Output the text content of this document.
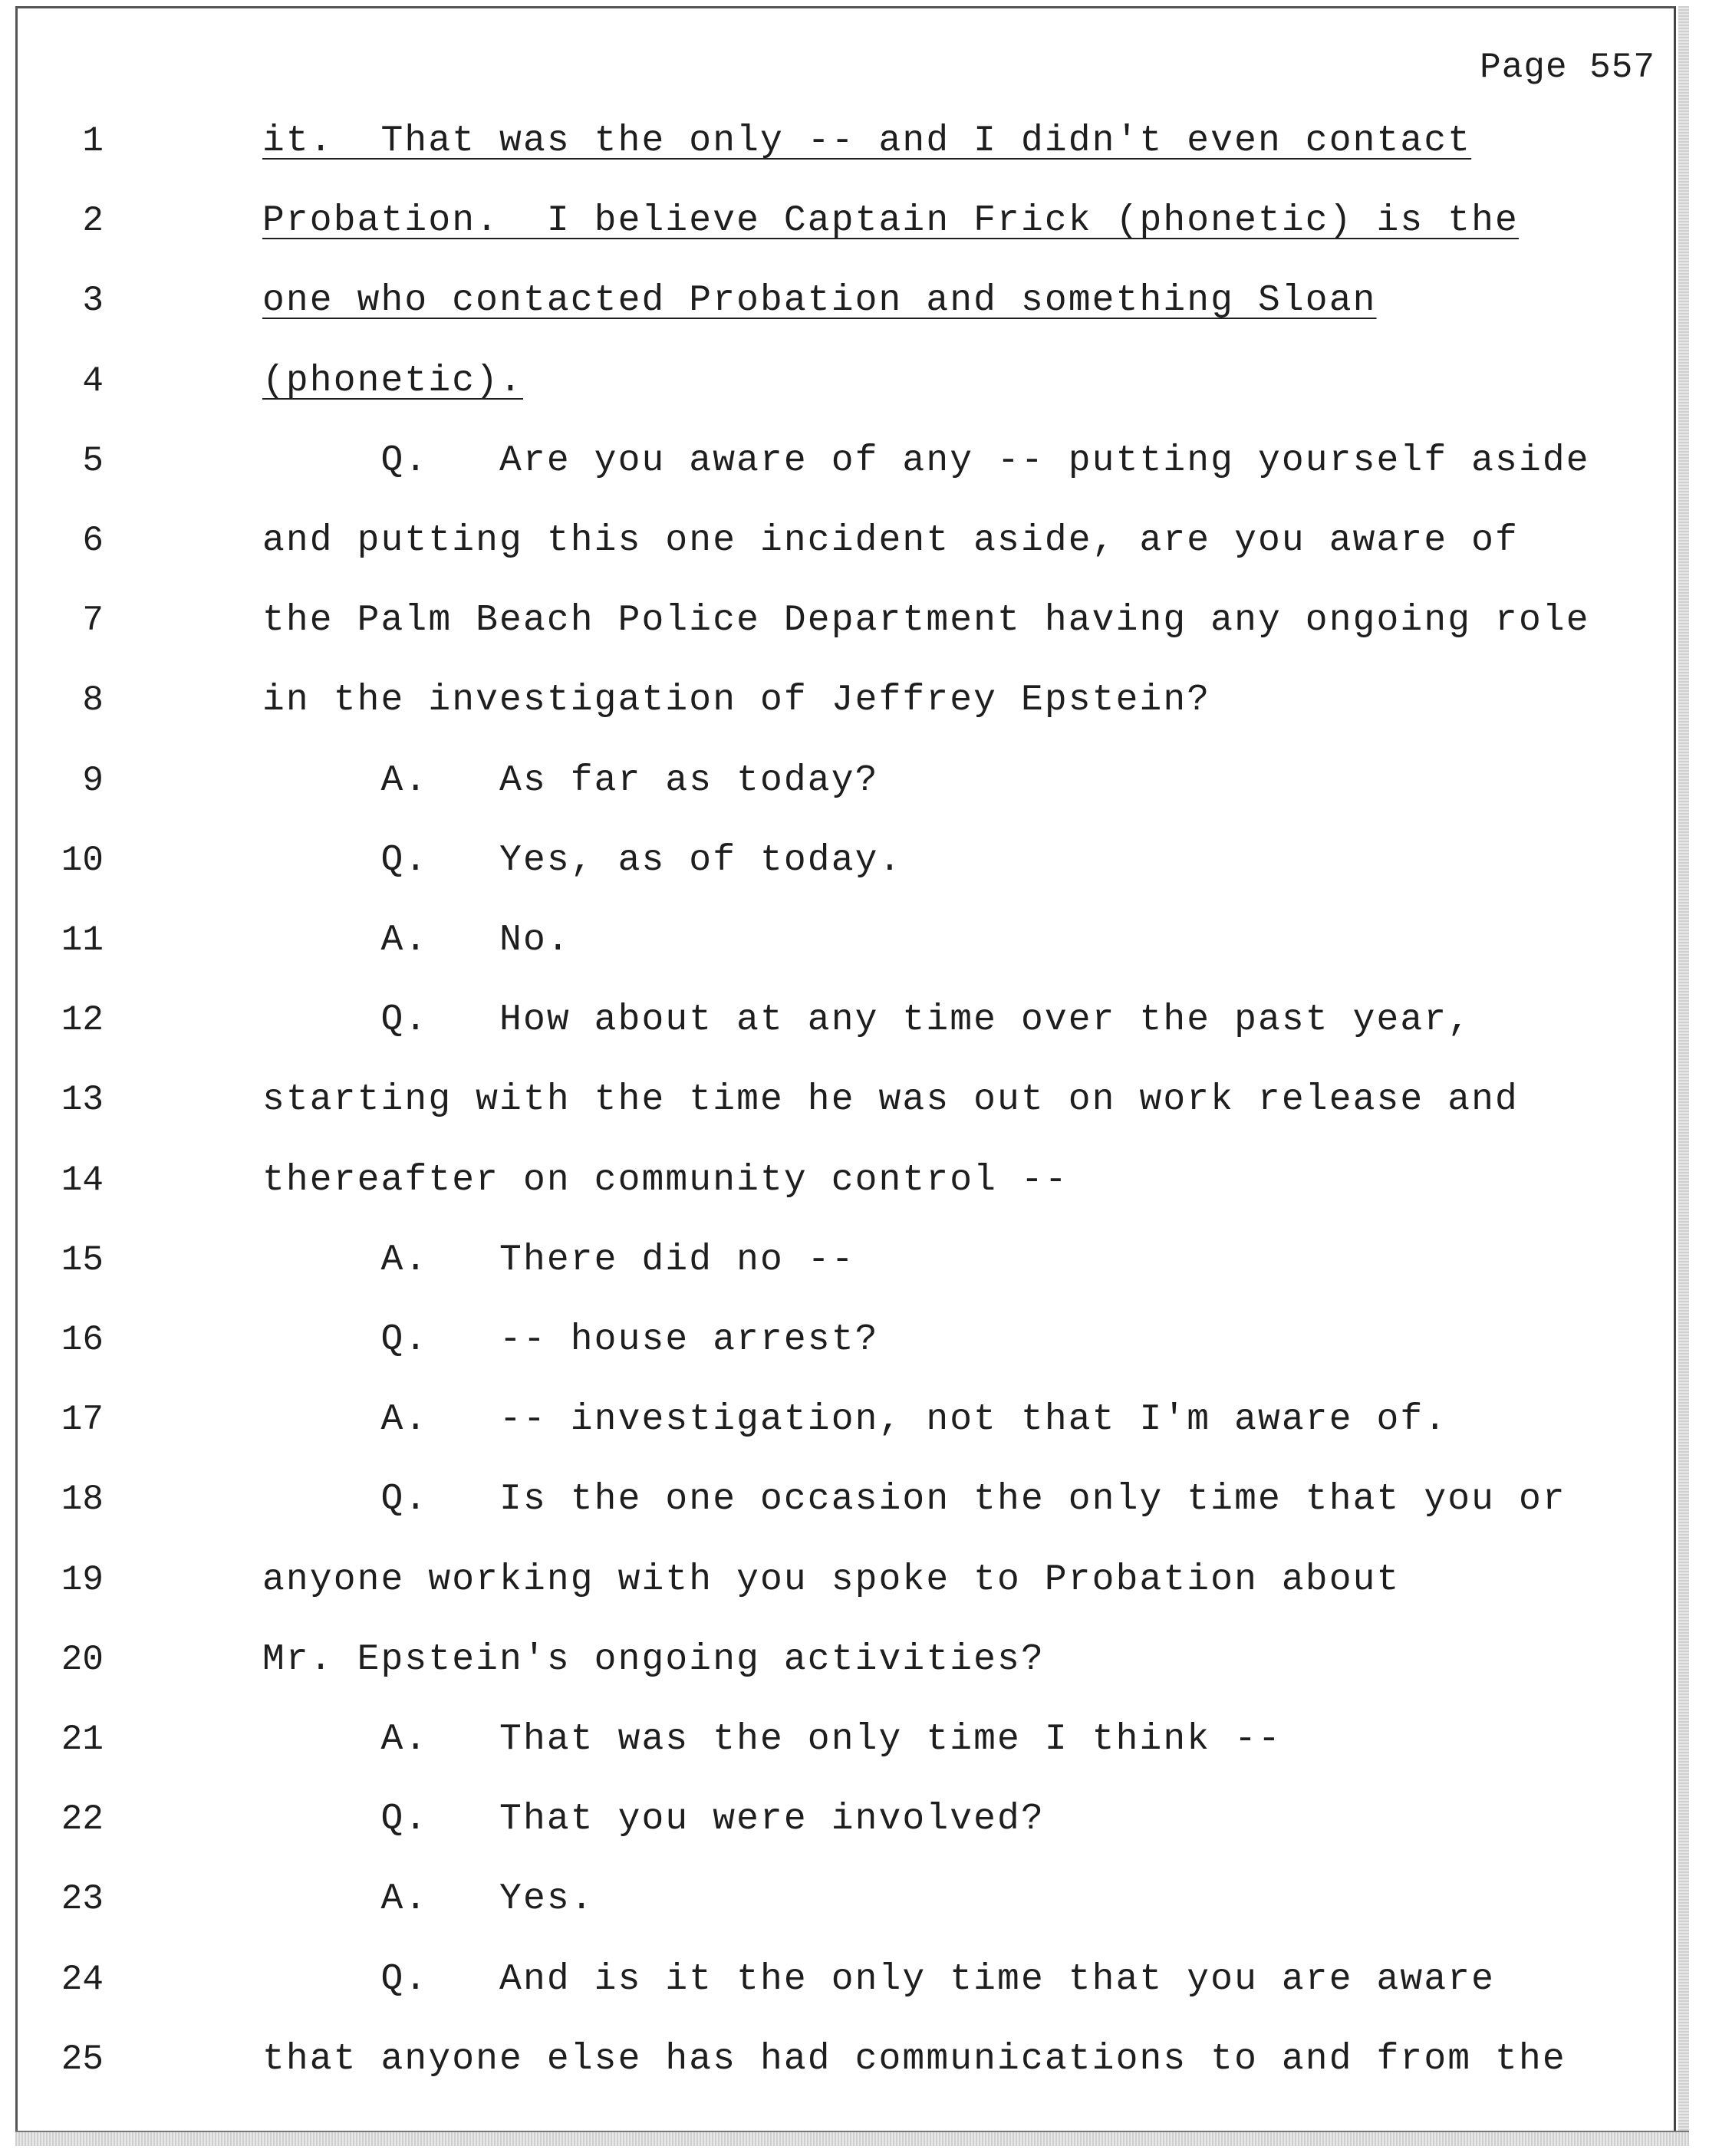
Page 557
1	it.  That was the only -- and I didn't even contact
2	Probation.  I believe Captain Frick (phonetic) is the
3	one who contacted Probation and something Sloan
4	(phonetic).
5	Q.   Are you aware of any -- putting yourself aside
6	and putting this one incident aside, are you aware of
7	the Palm Beach Police Department having any ongoing role
8	in the investigation of Jeffrey Epstein?
9	A.   As far as today?
10	Q.   Yes, as of today.
11	A.   No.
12	Q.   How about at any time over the past year,
13	starting with the time he was out on work release and
14	thereafter on community control --
15	A.   There did no --
16	Q.   -- house arrest?
17	A.   -- investigation, not that I'm aware of.
18	Q.   Is the one occasion the only time that you or
19	anyone working with you spoke to Probation about
20	Mr. Epstein's ongoing activities?
21	A.   That was the only time I think --
22	Q.   That you were involved?
23	A.   Yes.
24	Q.   And is it the only time that you are aware
25	that anyone else has had communications to and from the
